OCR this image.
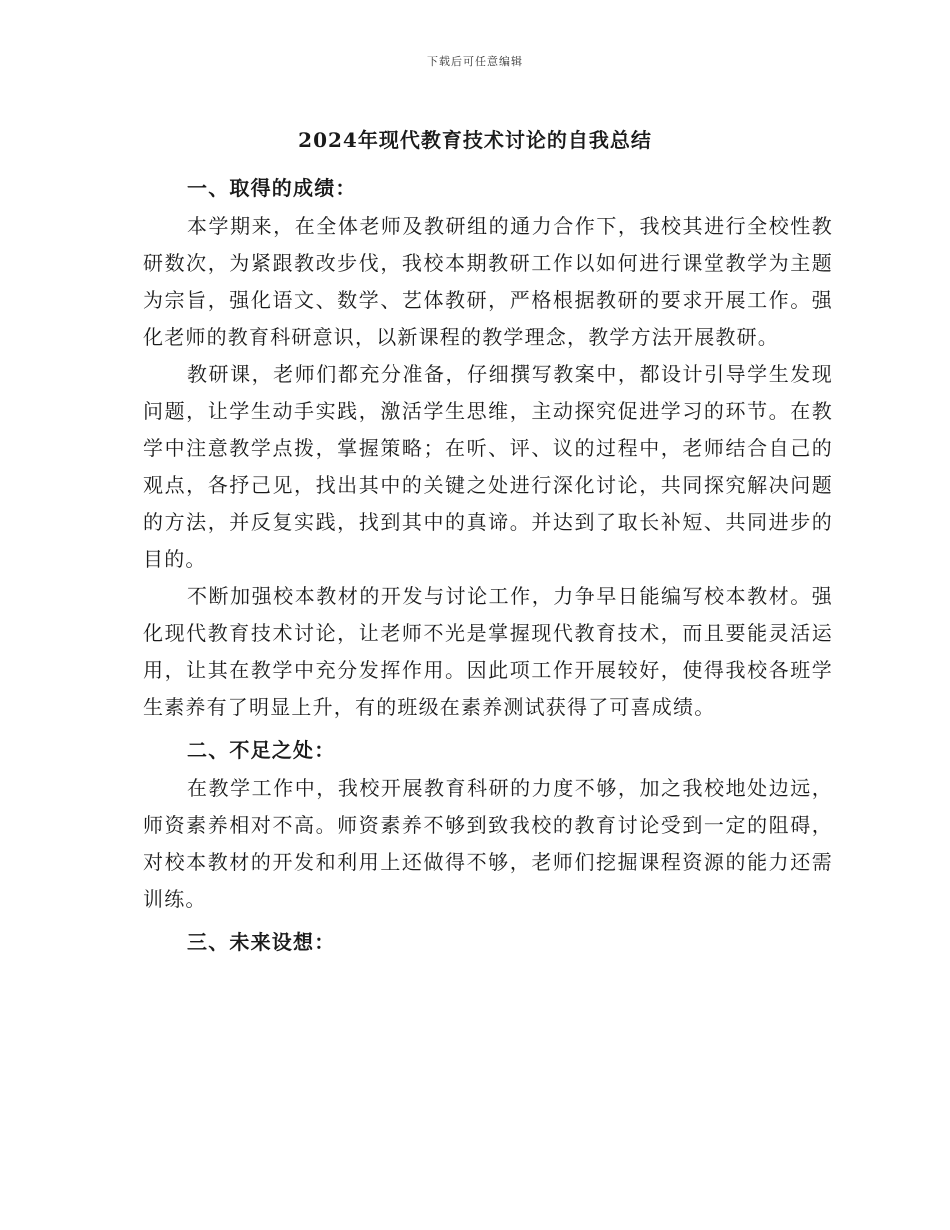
下载后可任意编辑
2024年现代教育技术讨论的自我总结

一、取得的成绩：

本学期来，在全体老师及教研组的通力合作下，我校其进行全校性教研数次，为紧跟教改步伐，我校本期教研工作以如何进行课堂教学为主题为宗旨，强化语文、数学、艺体教研，严格根据教研的要求开展工作。强化老师的教育科研意识，以新课程的教学理念，教学方法开展教研。

教研课，老师们都充分准备，仔细撰写教案中，都设计引导学生发现问题，让学生动手实践，激活学生思维，主动探究促进学习的环节。在教学中注意教学点拨，掌握策略；在听、评、议的过程中，老师结合自己的观点，各抒己见，找出其中的关键之处进行深化讨论，共同探究解决问题的方法，并反复实践，找到其中的真谛。并达到了取长补短、共同进步的目的。

不断加强校本教材的开发与讨论工作，力争早日能编写校本教材。强化现代教育技术讨论，让老师不光是掌握现代教育技术，而且要能灵活运用，让其在教学中充分发挥作用。因此项工作开展较好，使得我校各班学生素养有了明显上升，有的班级在素养测试获得了可喜成绩。

二、不足之处：

在教学工作中，我校开展教育科研的力度不够，加之我校地处边远，师资素养相对不高。师资素养不够到致我校的教育讨论受到一定的阻碍，对校本教材的开发和利用上还做得不够，老师们挖掘课程资源的能力还需训练。

三、未来设想：
